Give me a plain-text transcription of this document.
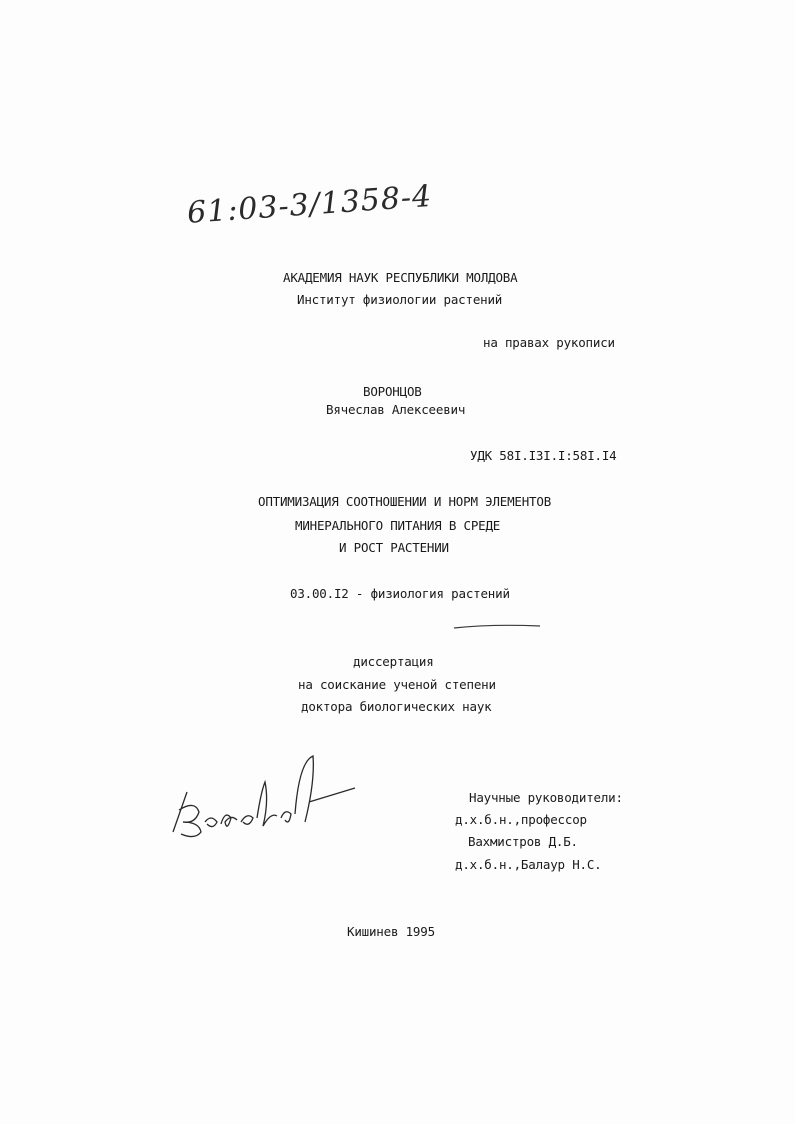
61:03-3/1358-4
АКАДЕМИЯ НАУК РЕСПУБЛИКИ МОЛДОВА
Институт физиологии растений
на правах рукописи
ВОРОНЦОВ
Вячеслав Алексеевич
УДК 58I.I3I.I:58I.I4
ОПТИМИЗАЦИЯ СООТНОШЕНИИ И НОРМ ЭЛЕМЕНТОВ
МИНЕРАЛЬНОГО ПИТАНИЯ В СРЕДЕ
И РОСТ РАСТЕНИИ
03.00.I2 - физиология растений
диссертация
на соискание ученой степени
доктора биологических наук
Научные руководители:
д.х.б.н.,профессор
Вахмистров Д.Б.
д.х.б.н.,Балаур Н.С.
Кишинев 1995
